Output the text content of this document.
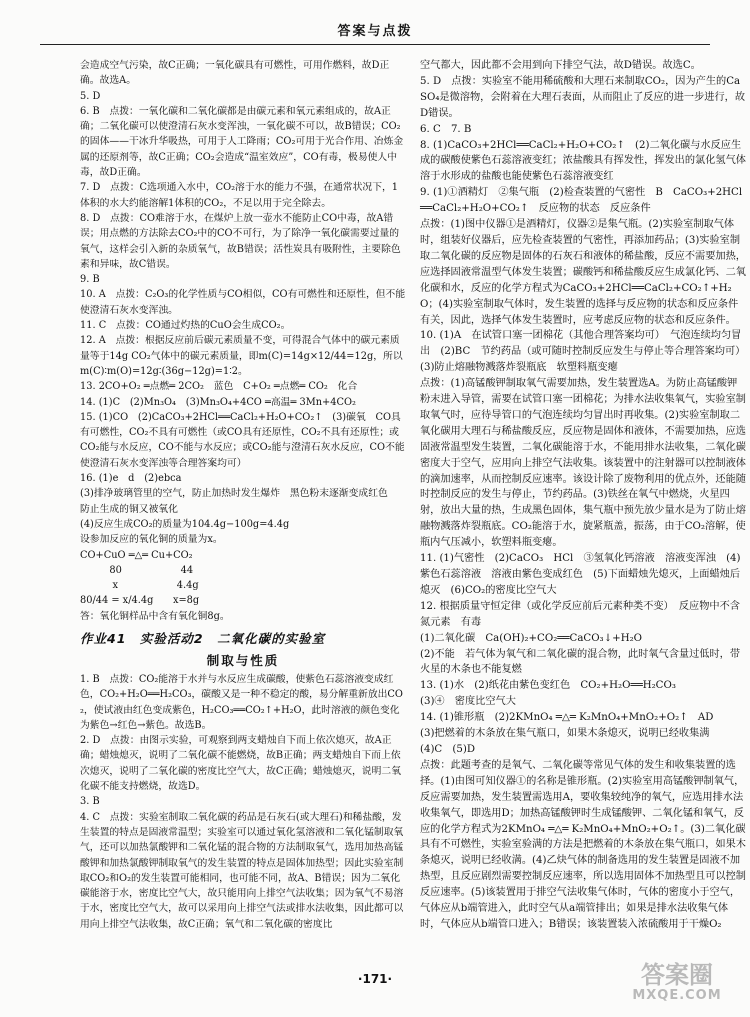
答案与点拨

会造成空气污染，故C正确；一氧化碳具有可燃性，可用作燃料，故D正确。故选A。

5. D

6. B　点拨：一氧化碳和二氧化碳都是由碳元素和氧元素组成的，故A正确；二氧化碳可以使澄清石灰水变浑浊，一氧化碳不可以，故B错误；CO₂的固体——干冰升华吸热，可用于人工降雨；CO₂可用于光合作用、冶炼金属的还原剂等，故C正确；CO₂会造成“温室效应”，CO有毒，极易使人中毒，故D正确。

7. D　点拨：C选项通入水中，CO₂溶于水的能力不强，在通常状况下，1体积的水大约能溶解1体积的CO₂，不足以用于完全除去。

8. D　点拨：CO难溶于水，在煤炉上放一壶水不能防止CO中毒，故A错误；用点燃的方法除去CO₂中的CO不可行，为了除净一氧化碳需要过量的氧气，这样会引入新的杂质氧气，故B错误；活性炭具有吸附性，主要除色素和异味，故C错误。

9. B

10. A　点拨：C₂O₃的化学性质与CO相似，CO有可燃性和还原性，但不能使澄清石灰水变浑浊。

11. C　点拨：CO通过灼热的CuO会生成CO₂。

12. A　点拨：根据反应前后碳元素质量不变，可得混合气体中的碳元素质量等于14g CO₂气体中的碳元素质量，即m(C)=14g×12/44=12g，所以m(C)∶m(O)=12g∶(36g−12g)=1∶2。

13. 2CO+O₂ ═点燃═ 2CO₂　蓝色　C+O₂ ═点燃═ CO₂　化合

14. (1)C　(2)Mn₃O₄　(3)Mn₃O₄+4CO ═高温═ 3Mn+4CO₂

15. (1)CO　(2)CaCO₃+2HCl══CaCl₂+H₂O+CO₂↑　(3)碳氧　CO具有可燃性，CO₂不具有可燃性（或CO具有还原性，CO₂不具有还原性；或CO₂能与水反应，CO不能与水反应；或CO₂能与澄清石灰水反应，CO不能使澄清石灰水变浑浊等合理答案均可）

16. (1)e　d　(2)ebca

(3)排净玻璃管里的空气，防止加热时发生爆炸　黑色粉末逐渐变成红色　防止生成的铜又被氧化

(4)反应生成CO₂的质量为104.4g−100g=4.4g

设参加反应的氧化铜的质量为x。

CO+CuO ═△═ Cu+CO₂

　　　80　　　　　　44

　　　 x　　　　　　4.4g

80/44 = x/4.4g　　x=8g

答：氧化铜样品中含有氧化铜8g。

作业41　实验活动2　二氧化碳的实验室

制取与性质

1. B　点拨：CO₂能溶于水并与水反应生成碳酸，使紫色石蕊溶液变成红色，CO₂+H₂O══H₂CO₃，碳酸又是一种不稳定的酸，易分解重新放出CO₂，使试液由红色变成紫色，H₂CO₃══CO₂↑+H₂O，此时溶液的颜色变化为紫色→红色→紫色。故选B。

2. D　点拨：由图示实验，可观察到两支蜡烛自下而上依次熄灭，故A正确；蜡烛熄灭，说明了二氧化碳不能燃烧，故B正确；两支蜡烛自下而上依次熄灭，说明了二氧化碳的密度比空气大，故C正确；蜡烛熄灭，说明二氧化碳不能支持燃烧，故选D。

3. B

4. C　点拨：实验室制取二氧化碳的药品是石灰石(或大理石)和稀盐酸，发生装置的特点是固液常温型；实验室可以通过氧化氢溶液和二氧化锰制取氧气，还可以加热氯酸钾和二氧化锰的混合物的方法制取氧气，选用加热高锰酸钾和加热氯酸钾制取氧气的发生装置的特点是固体加热型；因此实验室制取CO₂和O₂的发生装置可能相同，也可能不同，故A、B错误；因为二氧化碳能溶于水，密度比空气大，故只能用向上排空气法收集；因为氧气不易溶于水，密度比空气大，故可以采用向上排空气法或排水法收集，因此都可以用向上排空气法收集，故C正确；氧气和二氧化碳的密度比

空气都大，因此都不会用到向下排空气法，故D错误。故选C。

5. D　点拨：实验室不能用稀硫酸和大理石来制取CO₂，因为产生的CaSO₄是微溶物，会附着在大理石表面，从而阻止了反应的进一步进行，故D错误。

6. C　7. B

8. (1)CaCO₃+2HCl══CaCl₂+H₂O+CO₂↑　(2)二氧化碳与水反应生成的碳酸使紫色石蕊溶液变红；浓盐酸具有挥发性，挥发出的氯化氢气体溶于水形成的盐酸也能使紫色石蕊溶液变红

9. (1)①酒精灯　②集气瓶　(2)检查装置的气密性　B　CaCO₃+2HCl══CaCl₂+H₂O+CO₂↑　反应物的状态　反应条件

点拨：(1)图中仪器①是酒精灯，仪器②是集气瓶。(2)实验室制取气体时，组装好仪器后，应先检查装置的气密性，再添加药品；(3)实验室制取二氧化碳的反应物是固体的石灰石和液体的稀盐酸，反应不需要加热，应选择固液常温型气体发生装置；碳酸钙和稀盐酸反应生成氯化钙、二氧化碳和水，反应的化学方程式为CaCO₃+2HCl══CaCl₂+CO₂↑+H₂O；(4)实验室制取气体时，发生装置的选择与反应物的状态和反应条件有关，因此，选择气体发生装置时，应考虑反应物的状态和反应条件。

10. (1)A　在试管口塞一团棉花（其他合理答案均可）　气泡连续均匀冒出　(2)BC　节约药品（或可随时控制反应发生与停止等合理答案均可）　(3)防止熔融物溅落炸裂瓶底　软塑料瓶变瘪

点拨：(1)高锰酸钾制取氧气需要加热，发生装置选A。为防止高锰酸钾粉末进入导管，需要在试管口塞一团棉花；为排水法收集氧气，实验室制取氧气时，应待导管口的气泡连续均匀冒出时再收集。(2)实验室制取二氧化碳用大理石与稀盐酸反应，反应物是固体和液体，不需要加热，应选固液常温型发生装置，二氧化碳能溶于水，不能用排水法收集，二氧化碳密度大于空气，应用向上排空气法收集。该装置中的注射器可以控制液体的滴加速率，从而控制反应速率。该设计除了废物利用的优点外，还能随时控制反应的发生与停止，节约药品。(3)铁丝在氧气中燃烧，火星四射，放出大量的热，生成黑色固体，集气瓶中预先放少量水是为了防止熔融物溅落炸裂瓶底。CO₂能溶于水，旋紧瓶盖，振荡，由于CO₂溶解，使瓶内气压减小，软塑料瓶变瘪。

11. (1)气密性　(2)CaCO₃　HCl　③氢氧化钙溶液　溶液变浑浊　(4)紫色石蕊溶液　溶液由紫色变成红色　(5)下面蜡烛先熄灭，上面蜡烛后熄灭　(6)CO₂的密度比空气大

12. 根据质量守恒定律（或化学反应前后元素种类不变）　反应物中不含氮元素　有毒

(1)二氧化碳　Ca(OH)₂+CO₂══CaCO₃↓+H₂O

(2)不能　若气体为氧气和二氧化碳的混合物，此时氧气含量过低时，带火星的木条也不能复燃

13. (1)水　(2)纸花由紫色变红色　CO₂+H₂O══H₂CO₃

(3)④　密度比空气大

14. (1)锥形瓶　(2)2KMnO₄ ═△═ K₂MnO₄+MnO₂+O₂↑　AD

(3)把燃着的木条放在集气瓶口，如果木条熄灭，说明已经收集满

(4)C　(5)D

点拨：此题考查的是氧气、二氧化碳等常见气体的发生和收集装置的选择。(1)由图可知仪器①的名称是锥形瓶。(2)实验室用高锰酸钾制氧气，反应需要加热，发生装置需选用A，要收集较纯净的氧气，应选用排水法收集氧气，即选用D；加热高锰酸钾时生成锰酸钾、二氧化锰和氧气，反应的化学方程式为2KMnO₄ ═△═ K₂MnO₄+MnO₂+O₂↑。(3)二氧化碳具有不可燃性，实验室验满的方法是把燃着的木条放在集气瓶口，如果木条熄灭，说明已经收满。(4)乙炔气体的制备选用的发生装置是固液不加热型，且反应剧烈需要控制反应速率，所以选用固体不加热型且可以控制反应速率。(5)该装置用于排空气法收集气体时，气体的密度小于空气，气体应从b端管进入，此时空气从a端管排出；如果是排水法收集气体时，气体应从b端管口进入；B错误；该装置装入浓硫酸用于干燥O₂

·171·	答案圈
MXQE.COM
